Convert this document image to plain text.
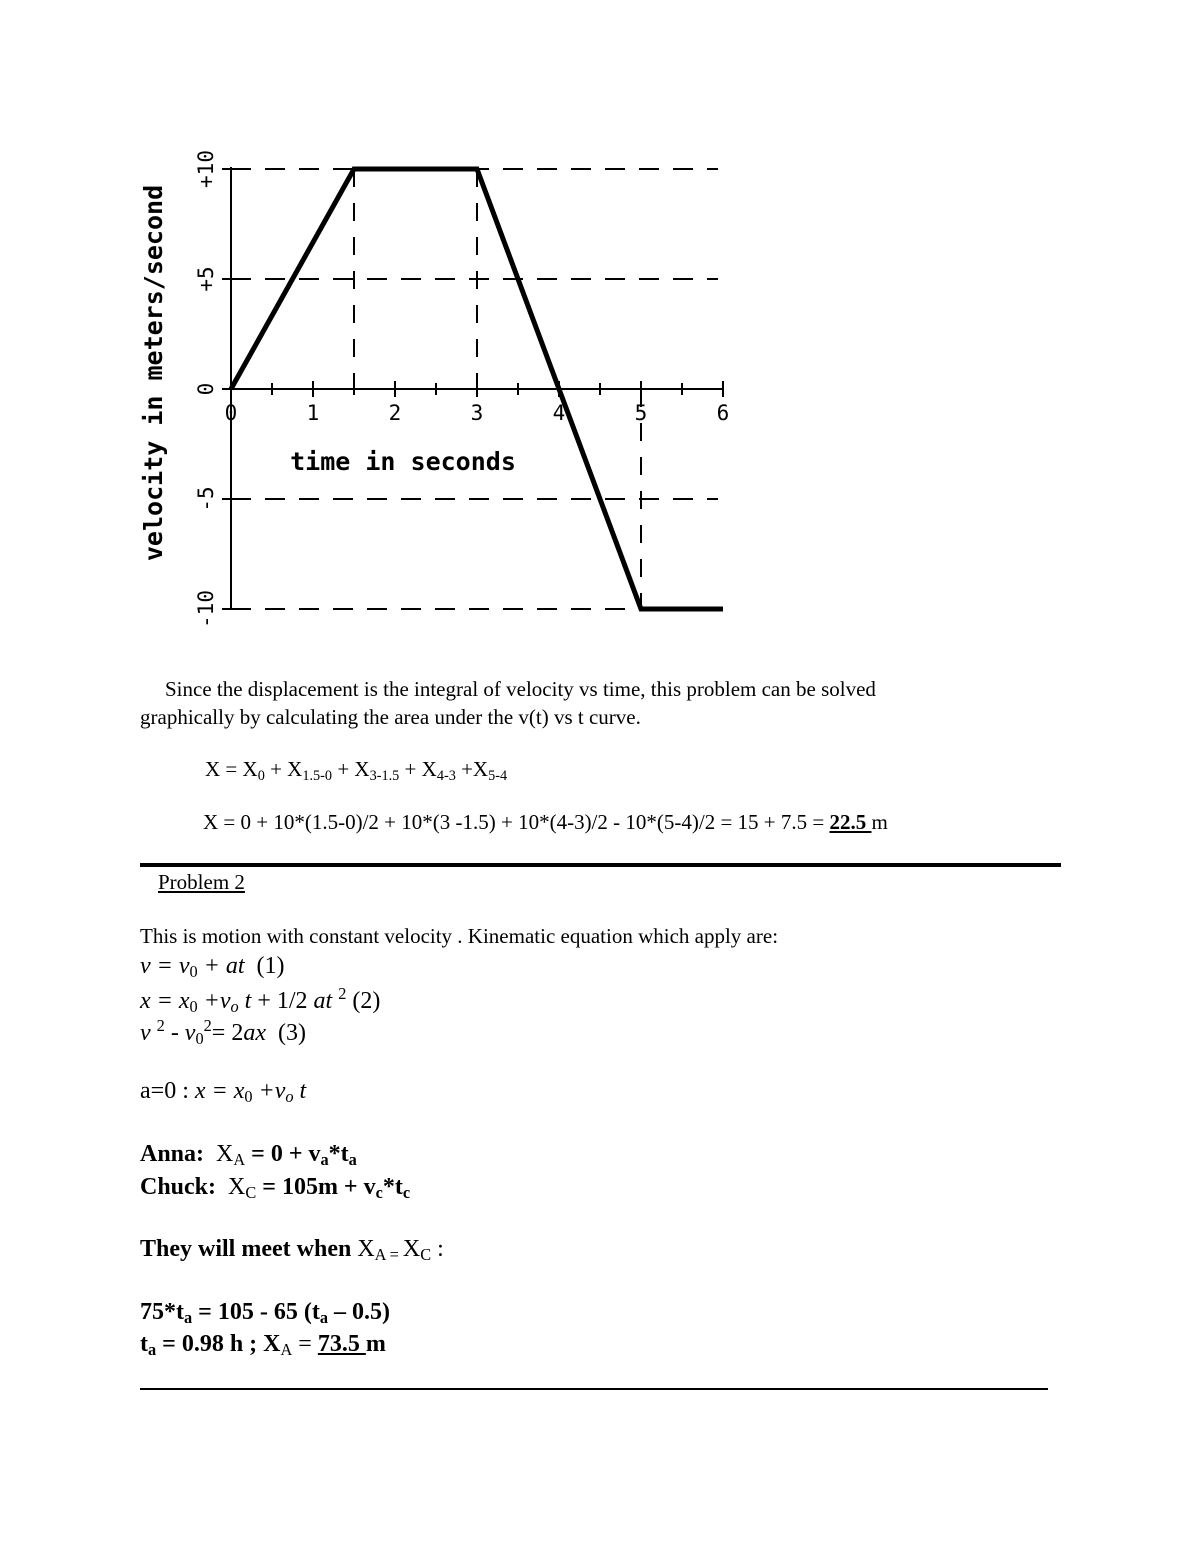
0	1	2	3	4	5	6
-10
-5
0
+5
+10
time in seconds
velocity in meters/second
Since the displacement is the integral of velocity vs time, this problem can be solved
graphically by calculating the area under the v(t) vs t curve.
$X = X_0 + X_{1.5-0} + X_{3-1.5} + X_{4-3} +X_{5-4}$
X = 0 + 10*(1.5-0)/2 + 10*(3 -1.5) + 10*(4-3)/2 - 10*(5-4)/2 = 15 + 7.5 = 22.5 m
Problem 2
This is motion with constant velocity . Kinematic equation which apply are:
$v = v_0$ + at (1)
$x = x_0 +v_o$ t + 1/2 at $^2$ (2)
v $^2 - v_0^2= 2ax$ (3)
a=0 : $x = x_0 +v_o$ t
Anna: $X_A = 0 + v_a*t_a$
Chuck: $X_C = 105m + v_c*t_c$
They will meet when $X_{A =}$ $X_C$ :
$75*t_a = 105 - 65$ $(t_a - 0.5)$
$t_a = 0.98$ h ; $X_A = 73.5$ m
